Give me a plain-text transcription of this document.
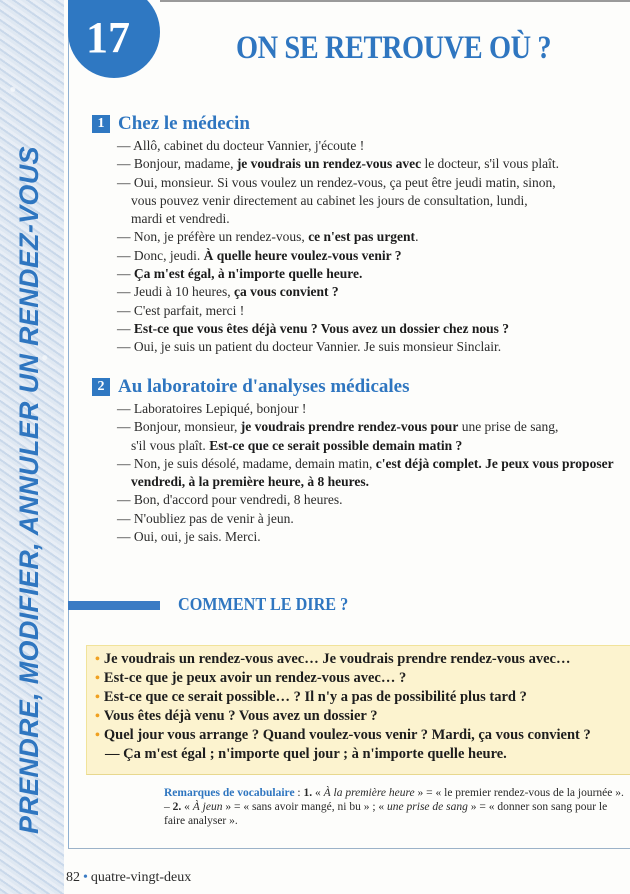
PRENDRE, MODIFIER, ANNULER UN RENDEZ-VOUS
17	ON SE RETROUVE OÙ ?
1 Chez le médecin
— Allô, cabinet du docteur Vannier, j'écoute !
— Bonjour, madame, je voudrais un rendez-vous avec le docteur, s'il vous plaît.
— Oui, monsieur. Si vous voulez un rendez-vous, ça peut être jeudi matin, sinon,
vous pouvez venir directement au cabinet les jours de consultation, lundi,
mardi et vendredi.
— Non, je préfère un rendez-vous, ce n'est pas urgent.
— Donc, jeudi. À quelle heure voulez-vous venir ?
— Ça m'est égal, à n'importe quelle heure.
— Jeudi à 10 heures, ça vous convient ?
— C'est parfait, merci !
— Est-ce que vous êtes déjà venu ? Vous avez un dossier chez nous ?
— Oui, je suis un patient du docteur Vannier. Je suis monsieur Sinclair.
2 Au laboratoire d'analyses médicales
— Laboratoires Lepiqué, bonjour !
— Bonjour, monsieur, je voudrais prendre rendez-vous pour une prise de sang,
s'il vous plaît. Est-ce que ce serait possible demain matin ?
— Non, je suis désolé, madame, demain matin, c'est déjà complet. Je peux vous proposer
vendredi, à la première heure, à 8 heures.
— Bon, d'accord pour vendredi, 8 heures.
— N'oubliez pas de venir à jeun.
— Oui, oui, je sais. Merci.
COMMENT LE DIRE ?
• Je voudrais un rendez-vous avec… Je voudrais prendre rendez-vous avec…
• Est-ce que je peux avoir un rendez-vous avec… ?
• Est-ce que ce serait possible… ? Il n'y a pas de possibilité plus tard ?
• Vous êtes déjà venu ? Vous avez un dossier ?
• Quel jour vous arrange ? Quand voulez-vous venir ? Mardi, ça vous convient ?
— Ça m'est égal ; n'importe quel jour ; à n'importe quelle heure.
Remarques de vocabulaire : 1. « À la première heure » = « le premier rendez-vous de la journée ». – 2. « À jeun » = « sans avoir mangé, ni bu » ; « une prise de sang » = « donner son sang pour le faire analyser ».
82 • quatre-vingt-deux
